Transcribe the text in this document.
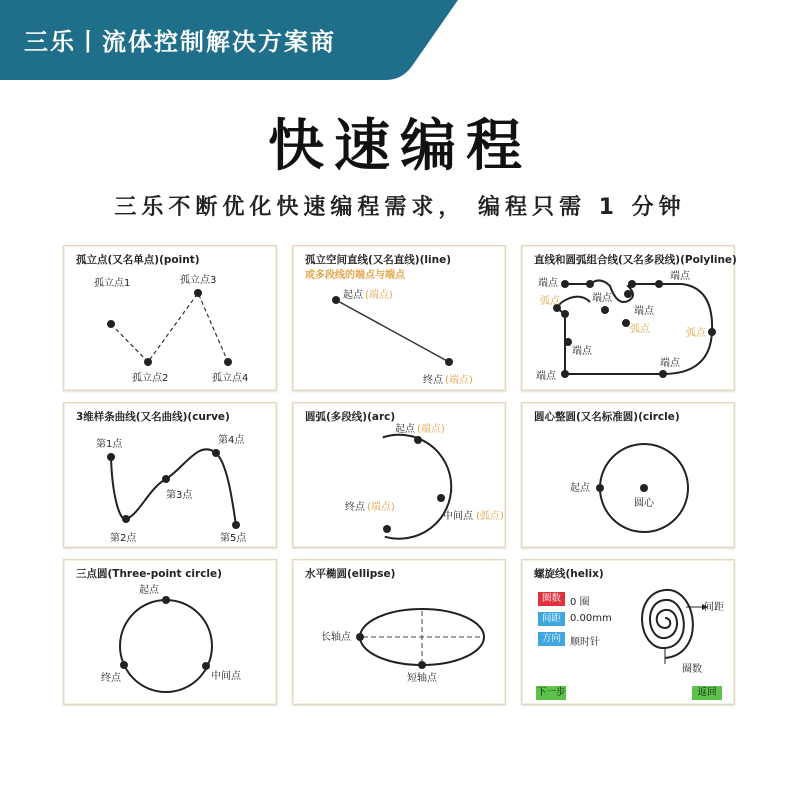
三乐丨流体控制解决方案商
快速编程
三乐不断优化快速编程需求， 编程只需 1 分钟
孤立点(又名单点)(point)
孤立点1
孤立点2
孤立点3
孤立点4
孤立空间直线(又名直线)(line)
或多段线的端点与端点
起点 (端点)
终点 (端点)
直线和圆弧组合线(又名多段线)(Polyline)
端点
端点
端点
端点
端点
端点
端点
弧点
弧点	弧点
3维样条曲线(又名曲线)(curve)
第1点
第2点
第3点
第4点
第5点
圆弧(多段线)(arc)
起点 (端点)
终点 (端点)
中间点 (弧点)
圆心整圆(又名标准圆)(circle)
起点
圆心
三点圆(Three-point circle)
起点
终点	中间点
水平椭圆(ellipse)
长轴点
短轴点
螺旋线(helix)
圈数 0 圈
间距 0.00mm
方向 顺时针
下一步	返回
间距
圈数
